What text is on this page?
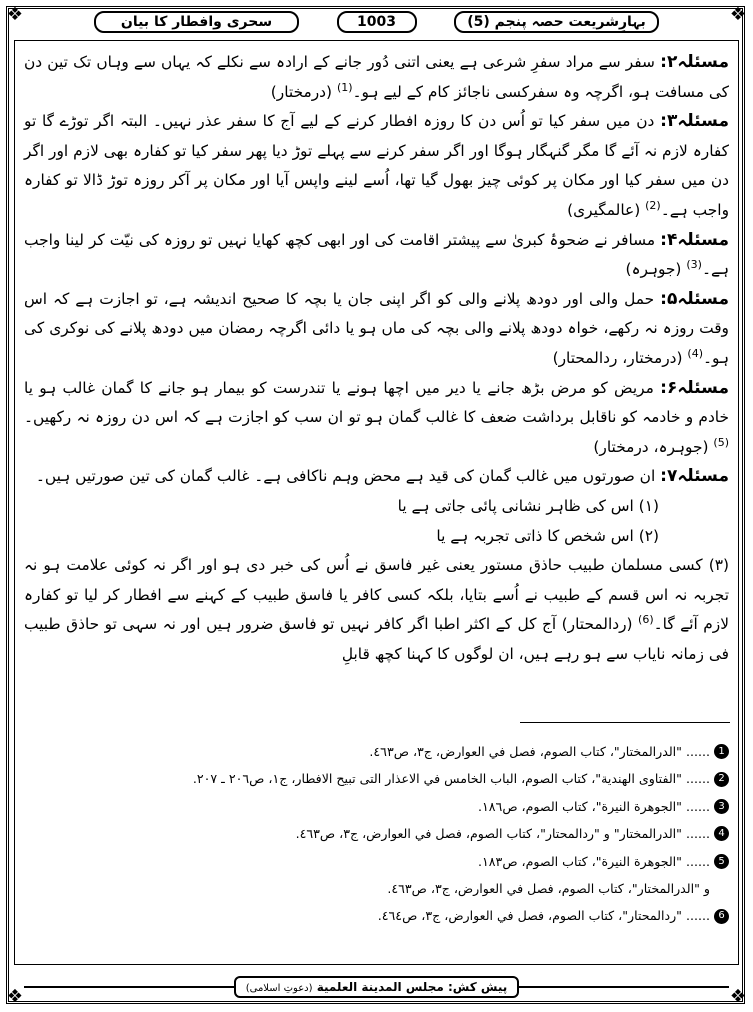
❖	❖
❖	❖
سحری وافطار کا بیان	1003	بہارِشریعت حصہ پنجم (5)

مسئلہ۲: سفر سے مراد سفرِ شرعی ہے یعنی اتنی دُور جانے کے ارادہ سے نکلے کہ یہاں سے وہاں تک تین دن کی مسافت ہو، اگرچہ وہ سفرکسی ناجائز کام کے لیے ہو۔$^{(1)}$ (درمختار)

مسئلہ۳: دن میں سفر کیا تو اُس دن کا روزہ افطار کرنے کے لیے آج کا سفر عذر نہیں۔ البتہ اگر توڑے گا تو کفارہ لازم نہ آئے گا مگر گنہگار ہوگا اور اگر سفر کرنے سے پہلے توڑ دیا پھر سفر کیا تو کفارہ بھی لازم اور اگر دن میں سفر کیا اور مکان پر کوئی چیز بھول گیا تھا، اُسے لینے واپس آیا اور مکان پر آکر روزہ توڑ ڈالا تو کفارہ واجب ہے۔$^{(2)}$ (عالمگیری)

مسئلہ۴: مسافر نے ضحوۂ کبریٰ سے پیشتر اقامت کی اور ابھی کچھ کھایا نہیں تو روزہ کی نیّت کر لینا واجب ہے۔$^{(3)}$ (جوہرہ)

مسئلہ۵: حمل والی اور دودھ پلانے والی کو اگر اپنی جان یا بچہ کا صحیح اندیشہ ہے، تو اجازت ہے کہ اس وقت روزہ نہ رکھے، خواہ دودھ پلانے والی بچہ کی ماں ہو یا دائی اگرچہ رمضان میں دودھ پلانے کی نوکری کی ہو۔$^{(4)}$ (درمختار، ردالمحتار)

مسئلہ۶: مریض کو مرض بڑھ جانے یا دیر میں اچھا ہونے یا تندرست کو بیمار ہو جانے کا گمان غالب ہو یا خادم و خادمہ کو ناقابل برداشت ضعف کا غالب گمان ہو تو ان سب کو اجازت ہے کہ اس دن روزہ نہ رکھیں۔$^{(5)}$ (جوہرہ، درمختار)

مسئلہ۷: ان صورتوں میں غالب گمان کی قید ہے محض وہم ناکافی ہے۔ غالب گمان کی تین صورتیں ہیں۔

(۱) اس کی ظاہر نشانی پائی جاتی ہے یا

(۲) اس شخص کا ذاتی تجربہ ہے یا

(۳) کسی مسلمان طبیب حاذق مستور یعنی غیر فاسق نے اُس کی خبر دی ہو اور اگر نہ کوئی علامت ہو نہ تجربہ نہ اس قسم کے طبیب نے اُسے بتایا، بلکہ کسی کافر یا فاسق طبیب کے کہنے سے افطار کر لیا تو کفارہ لازم آئے گا۔$^{(6)}$ (ردالمحتار) آج کل کے اکثر اطبا اگر کافر نہیں تو فاسق ضرور ہیں اور نہ سہی تو حاذق طبیب فی زمانہ نایاب سے ہو رہے ہیں، ان لوگوں کا کہنا کچھ قابلِ

1
...... "الدرالمختار"، كتاب الصوم، فصل في العوارض، ج٣، ص٤٦٣.
2
...... "الفتاوى الهندية"، كتاب الصوم، الباب الخامس في الاعذار التى تبيح الافطار، ج١، ص٢٠٦ ـ ٢٠٧.
3
...... "الجوهرة النيرة"، كتاب الصوم، ص١٨٦.
4
...... "الدرالمختار" و "ردالمحتار"، كتاب الصوم، فصل في العوارض، ج٣، ص٤٦٣.
5
...... "الجوهرة النيرة"، كتاب الصوم، ص١٨٣.
و "الدرالمختار"، كتاب الصوم، فصل في العوارض، ج٣، ص٤٦٣.
6
...... "ردالمحتار"، كتاب الصوم، فصل في العوارض، ج٣، ص٤٦٤.
پیش کش: مجلس المدينة العلمية (دعوتِ اسلامی)
